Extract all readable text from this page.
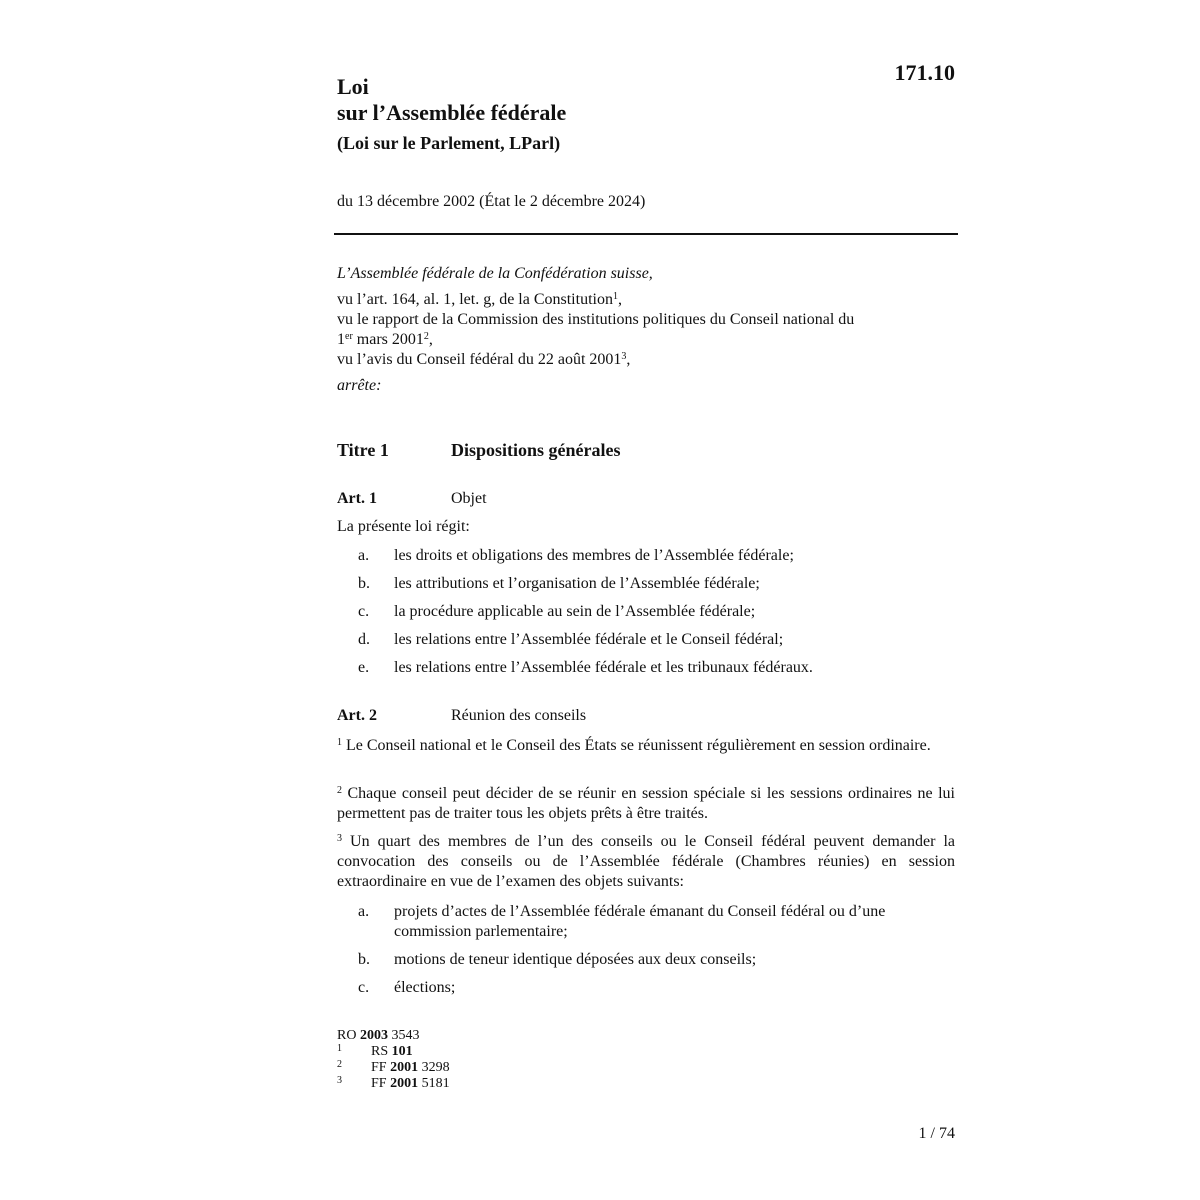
171.10
Loi
sur l’Assemblée fédérale
(Loi sur le Parlement, LParl)
du 13 décembre 2002 (État le 2 décembre 2024)
L’Assemblée fédérale de la Confédération suisse,
vu l’art. 164, al. 1, let. g, de la Constitution$^1$,
vu le rapport de la Commission des institutions politiques du Conseil national du
1er mars 2001$^2$,
vu l’avis du Conseil fédéral du 22 août 2001$^3$,
arrête:
Titre 1	Dispositions générales
Art. 1	Objet
La présente loi régit:
a. les droits et obligations des membres de l’Assemblée fédérale;
b. les attributions et l’organisation de l’Assemblée fédérale;
c. la procédure applicable au sein de l’Assemblée fédérale;
d. les relations entre l’Assemblée fédérale et le Conseil fédéral;
e. les relations entre l’Assemblée fédérale et les tribunaux fédéraux.
Art. 2	Réunion des conseils
$^1$ Le Conseil national et le Conseil des États se réunissent régulièrement en session ordinaire.
$^2$ Chaque conseil peut décider de se réunir en session spéciale si les sessions ordinaires ne lui permettent pas de traiter tous les objets prêts à être traités.
$^3$ Un quart des membres de l’un des conseils ou le Conseil fédéral peuvent demander la convocation des conseils ou de l’Assemblée fédérale (Chambres réunies) en session extraordinaire en vue de l’examen des objets suivants:
a. projets d’actes de l’Assemblée fédérale émanant du Conseil fédéral ou d’une commission parlementaire;
b. motions de teneur identique déposées aux deux conseils;
c. élections;
RO 2003 3543
1 RS 101
2 FF 2001 3298
3 FF 2001 5181
1 / 74
